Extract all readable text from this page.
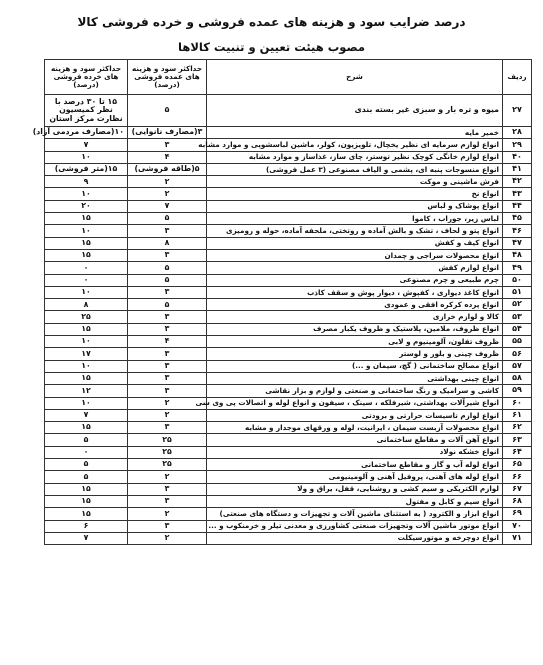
درصد ضرایب سود و هزینه های عمده فروشی و خرده فروشی کالا
مصوب هیئت تعیین و تنبیت کالاها
ردیف	شرح	حداکثر سود و هزینه های عمده فروشی (درصد)	حداکثر سود و هزینه های خرده فروشی (درصد)
۲۷	میوه و تره بار و سبزی غیر بسته بندی	۵	۱۵ تا ۳۰ درصد با نظر کمیسیون نظارت مرکز استان
۲۸	خمیر مایه	۳(مصارف نانوایی)	۱۰(مصارف مردمی آزاد)
۲۹	انواع لوازم سرمایه ای نظیر یخچال، تلویزیون، کولر، ماشین لباسشویی و موارد مشابه	۳	۷
۴۰	انواع لوازم خانگی کوچک نظیر توستر، چای ساز، غذاساز و موارد مشابه	۴	۱۰
۴۱	انواع منسوجات پنبه ای، پشمی و الیاف مصنوعی (۳ عمل فروشی)	۵(طاقه فروشی)	۱۵(متر فروشی)
۴۲	فرش ماشینی و موکت	۲	۹
۴۳	انواع نخ	۲	۱۰
۴۴	انواع پوشاک و لباس	۷	۲۰
۴۵	لباس زیر، جوراب ، کاموا	۵	۱۵
۴۶	انواع پتو و لحاف ، تشک و بالش آماده و روتختی، ملحفه آماده، حوله و روميزی	۳	۱۰
۴۷	انواع کیف و کفش	۸	۱۵
۴۸	انواع محصولات سراجی و چمدان	۳	۱۵
۴۹	انواع لوازم کفش	۵	۰
۵۰	چرم طبیعی و چرم مصنوعی	۵	۰
۵۱	انواع کاغذ دیواری ، کفپوش ، دیوار پوش و سقف کاذب	۳	۱۰
۵۲	انواع پرده کرکره افقی و عمودی	۵	۸
۵۳	کالا و لوازم خرازی	۳	۲۵
۵۴	انواع ظروف، ملامین، پلاستیک و ظروف یکبار مصرف	۳	۱۵
۵۵	ظروف تفلون، آلومینیوم و لابی	۴	۱۰
۵۶	ظروف چینی و بلور و لوستر	۳	۱۷
۵۷	انواع مصالح ساختمانی ( گچ، سیمان و ...)	۳	۱۰
۵۸	انواع چینی بهداشتی	۳	۱۵
۵۹	کاشی و سرامیک و رنگ ساختمانی و صنعتی و لوازم و بزار نقاشی	۳	۱۲
۶۰	انواع شیرآلات بهداشتی، شیرفلکه ، سینک ، سیفون و انواع لوله و اتصالات پی وی سی	۲	۱۰
۶۱	انواع لوازم تاسیسات حرارتی و برودتی	۲	۷
۶۲	انواع محصولات آزبست سیمان ، ایرانیت، لوله و ورقهای موجدار و مشابه	۳	۱۵
۶۳	انواع آهن آلات و مقاطع ساختمانی	۲۵	۵
۶۴	انواع خشکه نولاد	۲۵	۰
۶۵	انواع لوله آب و گاز و مقاطع ساختمانی	۲۵	۵
۶۶	انواع لوله های آهنی، پروفیل آهنی و آلومینیومی	۲	۵
۶۷	لوازم الکتریکی و سیم کشی و روشنایی، قفل، یراق و ولا	۳	۱۵
۶۸	انواع سیم و کابل و مفتول	۳	۱۵
۶۹	انواع ابزار و الکترود ( به استثنای ماشین آلات و تجهیزات و دستگاه های صنعتی)	۲	۱۵
۷۰	انواع موتور ماشین آلات وتجهیزات صنعتی کشاورزی و معدنی تیلر و خرمنکوب و ...	۳	۶
۷۱	انواع دوچرخه و موتورسیکلت	۲	۷
